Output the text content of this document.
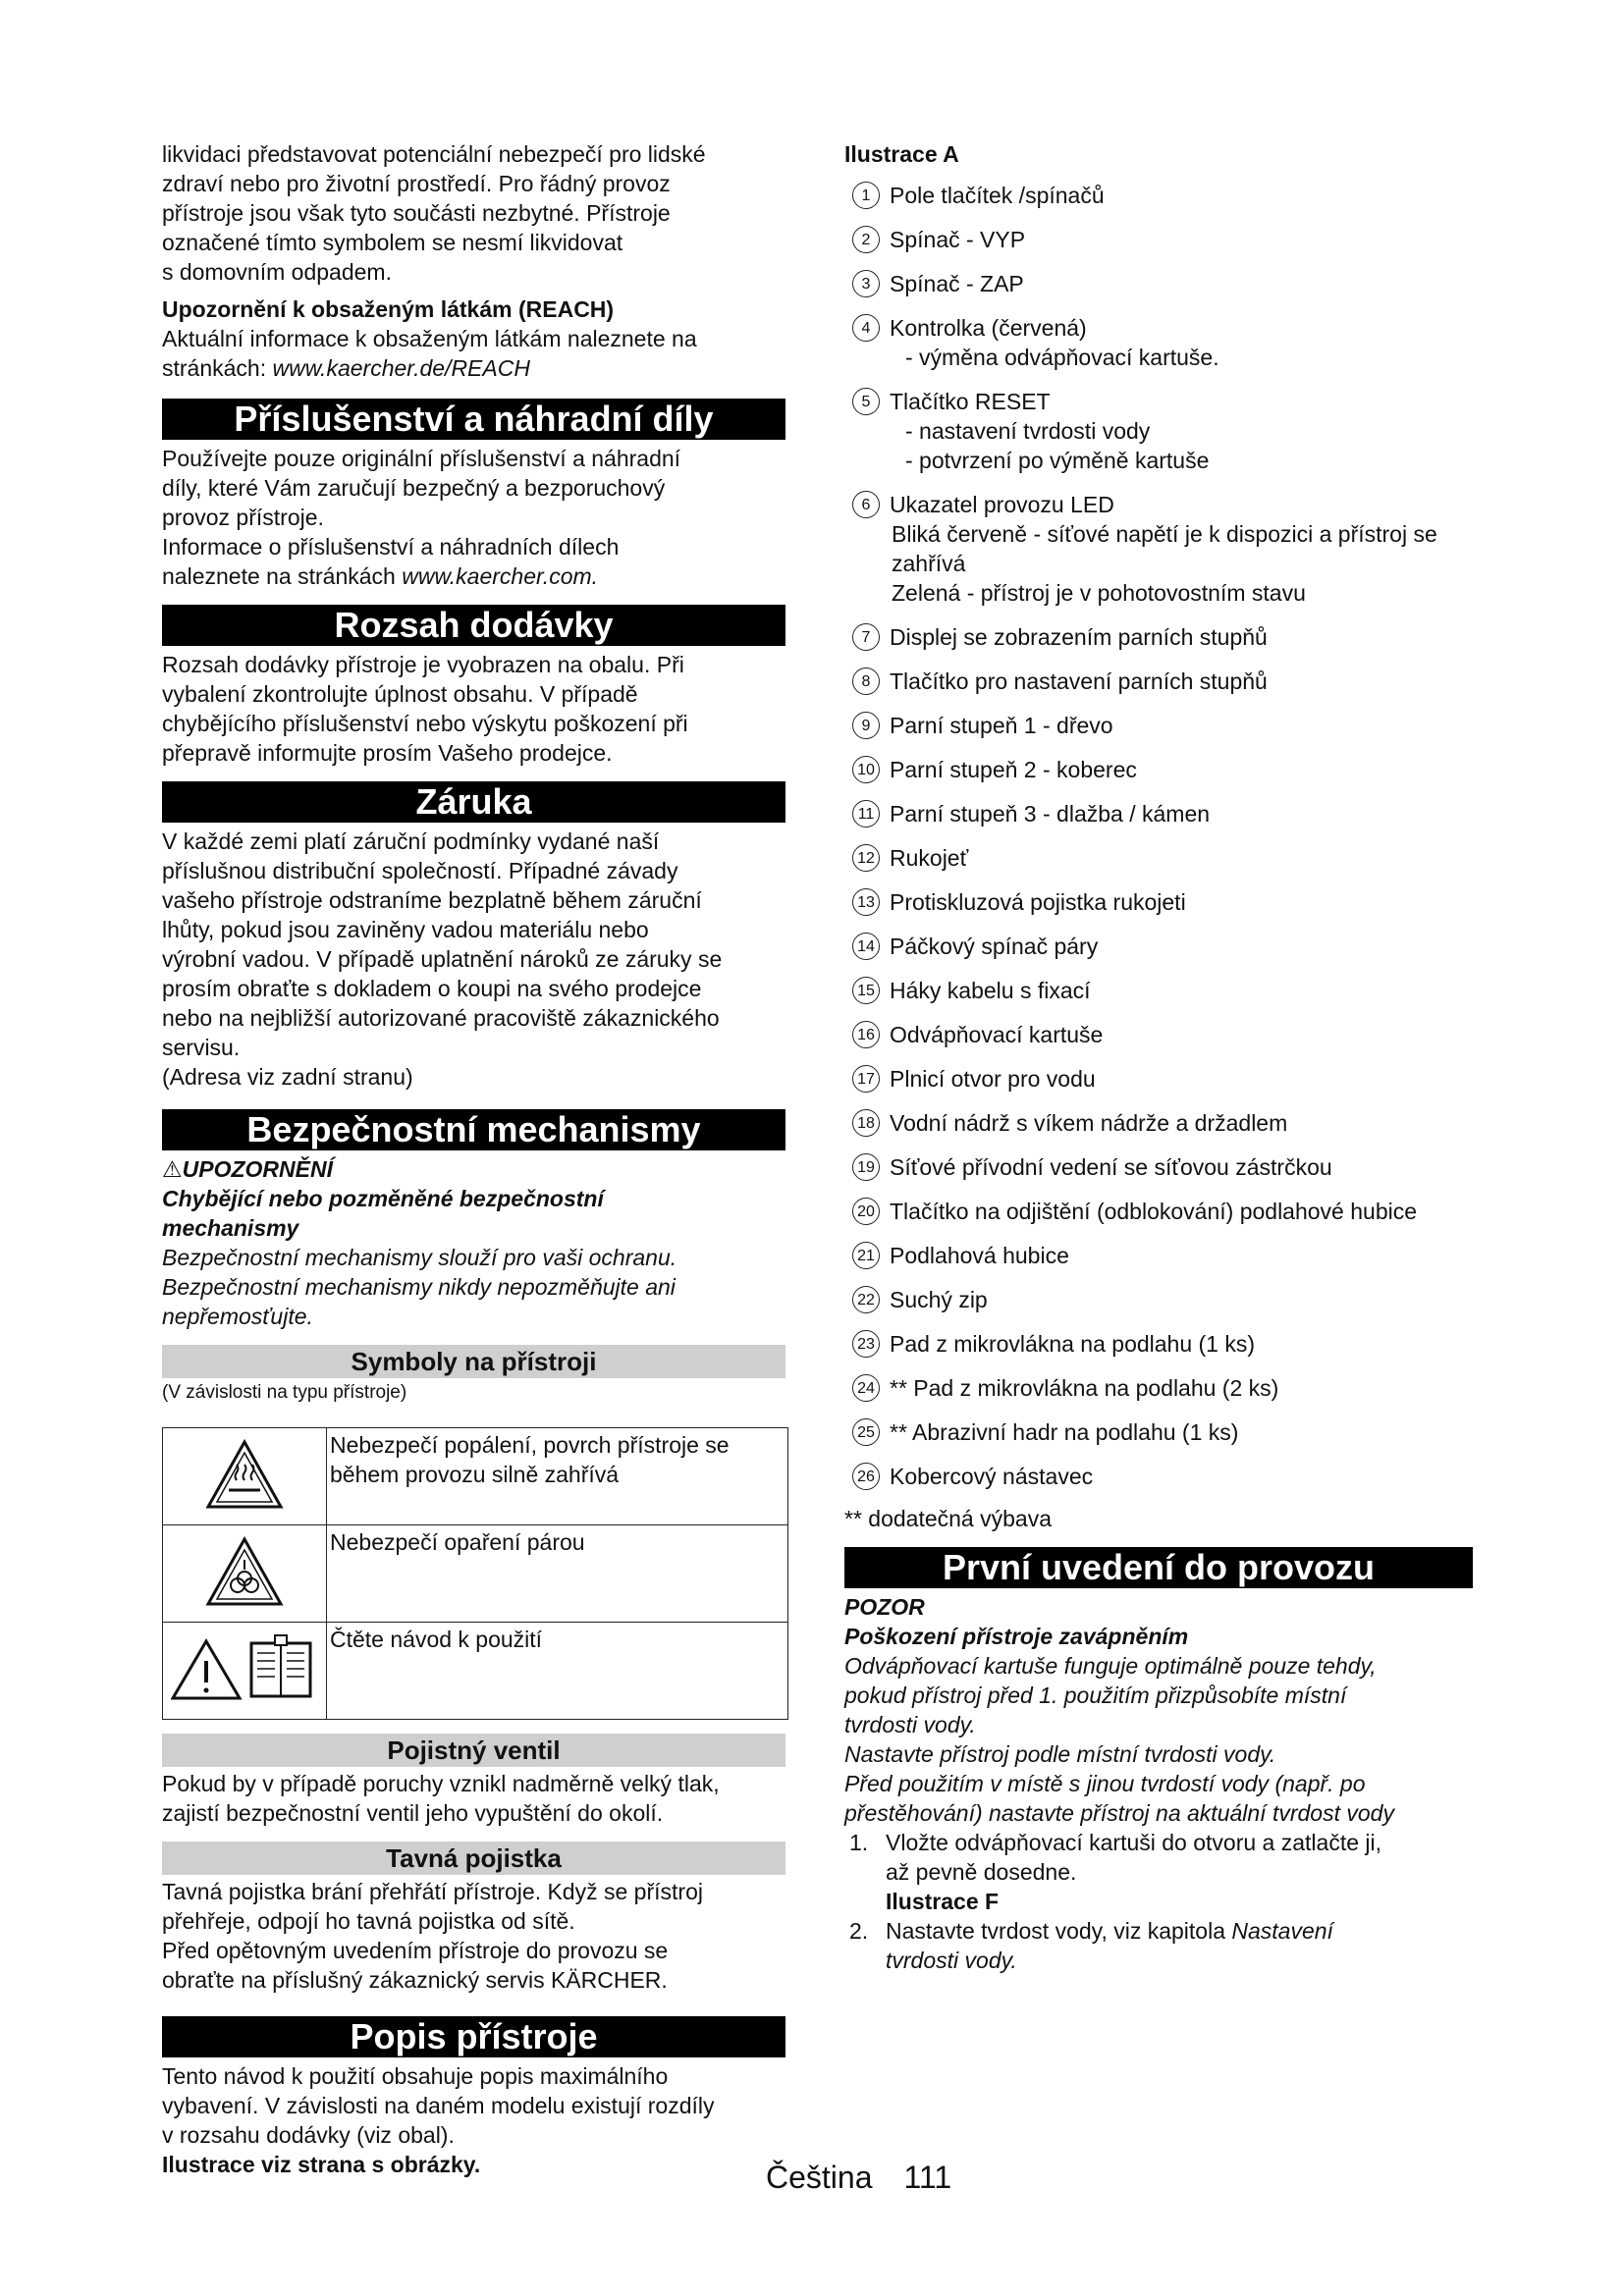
likvidaci představovat potenciální nebezpečí pro lidské

zdraví nebo pro životní prostředí. Pro řádný provoz

přístroje jsou však tyto součásti nezbytné. Přístroje

označené tímto symbolem se nesmí likvidovat

s domovním odpadem.

Upozornění k obsaženým látkám (REACH)

Aktuální informace k obsaženým látkám naleznete na

stránkách: www.kaercher.de/REACH

Příslušenství a náhradní díly

Používejte pouze originální příslušenství a náhradní

díly, které Vám zaručují bezpečný a bezporuchový

provoz přístroje.

Informace o příslušenství a náhradních dílech

naleznete na stránkách www.kaercher.com.

Rozsah dodávky

Rozsah dodávky přístroje je vyobrazen na obalu. Při

vybalení zkontrolujte úplnost obsahu. V případě

chybějícího příslušenství nebo výskytu poškození při

přepravě informujte prosím Vašeho prodejce.

Záruka

V každé zemi platí záruční podmínky vydané naší

příslušnou distribuční společností. Případné závady

vašeho přístroje odstraníme bezplatně během záruční

lhůty, pokud jsou zaviněny vadou materiálu nebo

výrobní vadou. V případě uplatnění nároků ze záruky se

prosím obraťte s dokladem o koupi na svého prodejce

nebo na nejbližší autorizované pracoviště zákaznického

servisu.

(Adresa viz zadní stranu)

Bezpečnostní mechanismy

⚠UPOZORNĚNÍ

Chybějící nebo pozměněné bezpečnostní

mechanismy

Bezpečnostní mechanismy slouží pro vaši ochranu.

Bezpečnostní mechanismy nikdy nepozměňujte ani

nepřemosťujte.

Symboly na přístroji

(V závislosti na typu přístroje)

	Nebezpečí popálení, povrch přístroje se během provozu silně zahřívá
	Nebezpečí opaření párou
	Čtěte návod k použití
Pojistný ventil

Pokud by v případě poruchy vznikl nadměrně velký tlak,

zajistí bezpečnostní ventil jeho vypuštění do okolí.

Tavná pojistka

Tavná pojistka brání přehřátí přístroje. Když se přístroj

přehřeje, odpojí ho tavná pojistka od sítě.

Před opětovným uvedením přístroje do provozu se

obraťte na příslušný zákaznický servis KÄRCHER.

Popis přístroje

Tento návod k použití obsahuje popis maximálního

vybavení. V závislosti na daném modelu existují rozdíly

v rozsahu dodávky (viz obal).

Ilustrace viz strana s obrázky.

Ilustrace A

1 Pole tlačítek /spínačů

2 Spínač - VYP

3 Spínač - ZAP

4 Kontrolka (červená)

- výměna odvápňovací kartuše.

5 Tlačítko RESET

- nastavení tvrdosti vody

- potvrzení po výměně kartuše

6 Ukazatel provozu LED

Bliká červeně - síťové napětí je k dispozici a přístroj se zahřívá

Zelená - přístroj je v pohotovostním stavu

7 Displej se zobrazením parních stupňů

8 Tlačítko pro nastavení parních stupňů

9 Parní stupeň 1 - dřevo

10 Parní stupeň 2 - koberec

11 Parní stupeň 3 - dlažba / kámen

12 Rukojeť

13 Protiskluzová pojistka rukojeti

14 Páčkový spínač páry

15 Háky kabelu s fixací

16 Odvápňovací kartuše

17 Plnicí otvor pro vodu

18 Vodní nádrž s víkem nádrže a držadlem

19 Síťové přívodní vedení se síťovou zástrčkou

20 Tlačítko na odjištění (odblokování) podlahové hubice

21 Podlahová hubice

22 Suchý zip

23 Pad z mikrovlákna na podlahu (1 ks)

24 ** Pad z mikrovlákna na podlahu (2 ks)

25 ** Abrazivní hadr na podlahu (1 ks)

26 Kobercový nástavec

** dodatečná výbava

První uvedení do provozu

POZOR

Poškození přístroje zavápněním

Odvápňovací kartuše funguje optimálně pouze tehdy,

pokud přístroj před 1. použitím přizpůsobíte místní

tvrdosti vody.

Nastavte přístroj podle místní tvrdosti vody.

Před použitím v místě s jinou tvrdostí vody (např. po

přestěhování) nastavte přístroj na aktuální tvrdost vody

1. Vložte odvápňovací kartuši do otvoru a zatlačte ji,

až pevně dosedne.

Ilustrace F

2. Nastavte tvrdost vody, viz kapitola Nastavení

tvrdosti vody.

Čeština 111
